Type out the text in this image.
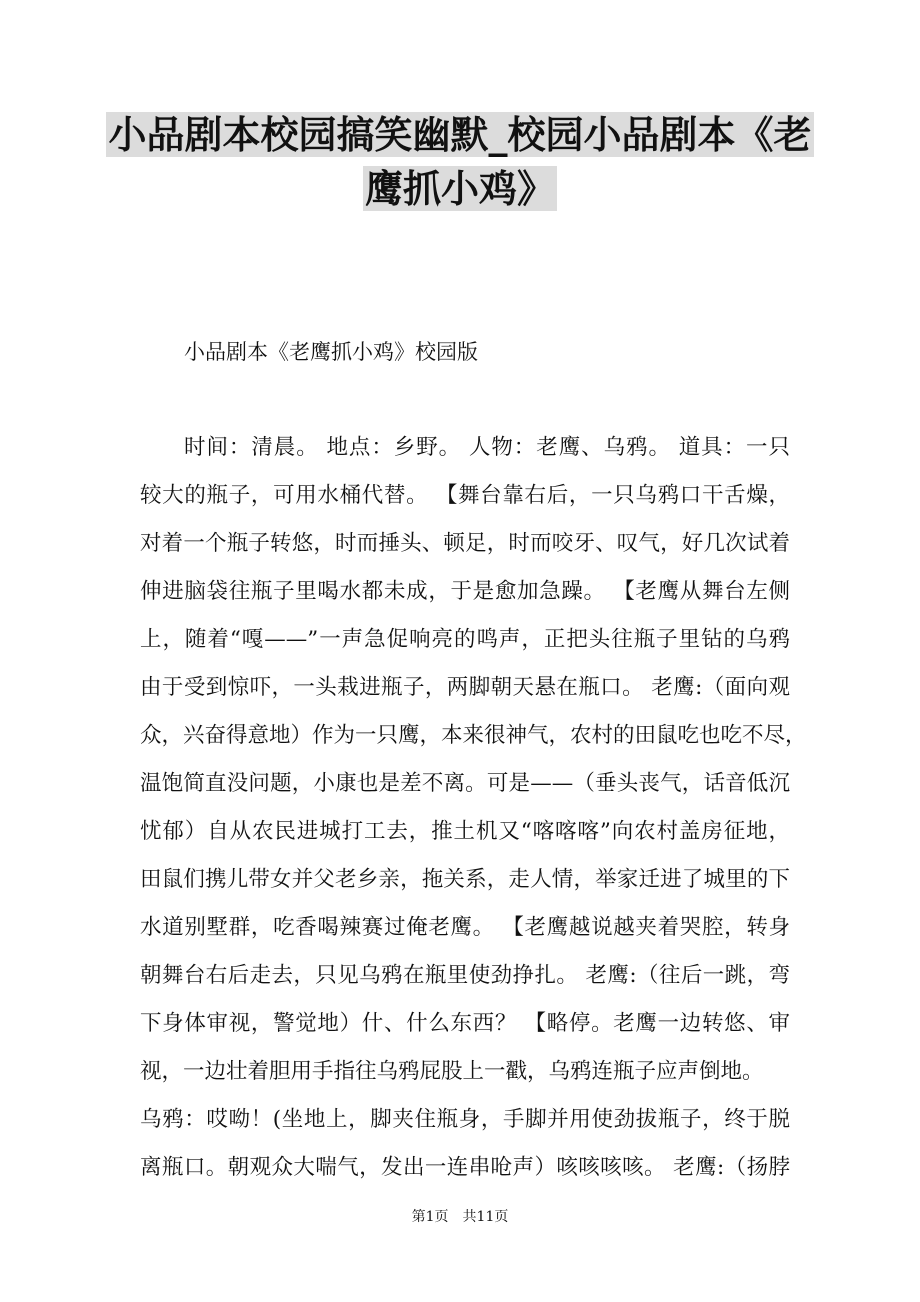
小品剧本校园搞笑幽默_校园小品剧本《老
鹰抓小鸡》
小品剧本《老鹰抓小鸡》校园版
时间：清晨。 地点：乡野。 人物：老鹰、乌鸦。 道具：一只
较大的瓶子，可用水桶代替。 【舞台靠右后，一只乌鸦口干舌燥，
对着一个瓶子转悠，时而捶头、顿足，时而咬牙、叹气，好几次试着
伸进脑袋往瓶子里喝水都未成，于是愈加急躁。 【老鹰从舞台左侧
上，随着“嘎——”一声急促响亮的鸣声，正把头往瓶子里钻的乌鸦
由于受到惊吓，一头栽进瓶子，两脚朝天悬在瓶口。 老鹰:（面向观
众，兴奋得意地）作为一只鹰，本来很神气，农村的田鼠吃也吃不尽，
温饱简直没问题，小康也是差不离。可是——（垂头丧气，话音低沉
忧郁）自从农民进城打工去，推土机又“喀喀喀”向农村盖房征地，
田鼠们携儿带女并父老乡亲，拖关系，走人情，举家迁进了城里的下
水道别墅群，吃香喝辣赛过俺老鹰。 【老鹰越说越夹着哭腔，转身
朝舞台右后走去，只见乌鸦在瓶里使劲挣扎。 老鹰:（往后一跳，弯
下身体审视，警觉地）什、什么东西？ 【略停。老鹰一边转悠、审
视，一边壮着胆用手指往乌鸦屁股上一戳，乌鸦连瓶子应声倒地。
乌鸦：哎呦！(坐地上，脚夹住瓶身，手脚并用使劲拔瓶子，终于脱
离瓶口。朝观众大喘气，发出一连串呛声）咳咳咳咳。 老鹰:（扬脖
第1页　共11页
